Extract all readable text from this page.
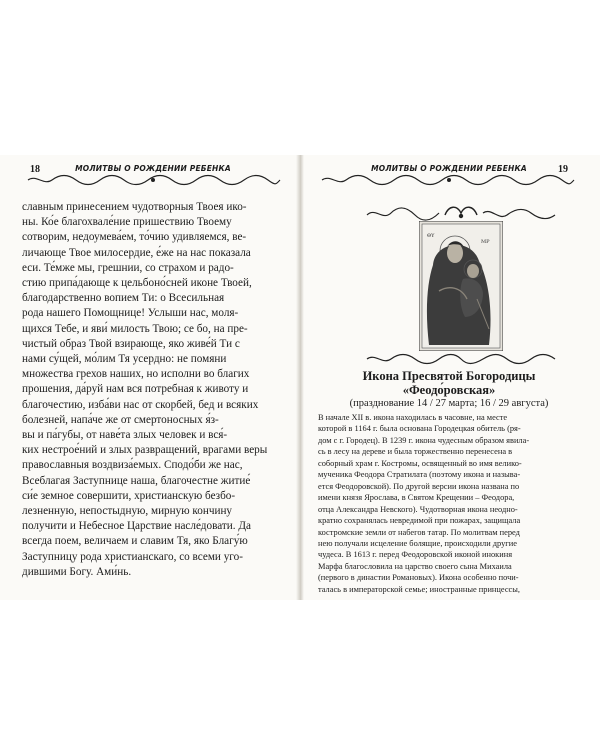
18	МОЛИТВЫ О РОЖДЕНИИ РЕБЕНКА
славным принесением чудотворныя Твоея ико-
ны. Ко́е благохвале́ние пришествию Твоему
сотворим, недоумева́ем, то́чию удивляемся, ве-
личающе Твое милосердие, е́же на нас показала
еси. Те́мже мы, грешнии, со страхом и радо-
стию припа́дающе к цельбоно́сней иконе Твоей,
благодарственно вопием Ти: о Всесильная
рода нашего Помощнице! Услыши нас, моля-
щихся Тебе, и яви́ милость Твою; се бо, на пре-
чистый образ Твой взирающе, яко живе́й Ти с
нами су́щей, мо́лим Тя усердно: не помяни
множества грехов наших, но исполни во благих
прошения, да́руй нам вся потребная к животу и
благочестию, изба́ви нас от скорбей, бед и всяких
болезней, напа́че же от смертоносных я́з-
вы и па́губы, от наве́та злых человек и вся́-
ких нестрое́ний и злых развращений, врагами веры
православныя воздвиза́емых. Сподо́би же нас,
Всеблагая Заступнице наша, благочестне житие́
си́е земное совершити, христианскую безбо-
лезненную, непостыдную, мирную кончину
получити и Небесное Царствие насле́довати. Да
всегда поем, величаем и славим Тя, яко Благу́ю
Заступницу рода христианскаго, со всеми уго-
дившими Богу. Ами́нь.
МОЛИТВЫ О РОЖДЕНИИ РЕБЕНКА	19
ΜΡ
ΘΥ
Икона Пресвятой Богородицы
«Феодо́ровская»
(празднование 14 / 27 марта; 16 / 29 августа)
В начале XII в. икона находилась в часовне, на месте
которой в 1164 г. была основана Городецкая обитель (ря-
дом с г. Городец). В 1239 г. икона чудесным образом явила-
сь в лесу на дереве и была торжественно перенесена в
соборный храм г. Костромы, освященный во имя велико-
мученика Феодора Стратилата (поэтому икона и называ-
ется Феодоровской). По другой версии икона названа по
имени князя Ярослава, в Святом Крещении – Феодора,
отца Александра Невского). Чудотворная икона неодно-
кратно сохранялась невредимой при пожарах, защищала
костромские земли от набегов татар. По молитвам перед
нею получали исцеление болящие, происходили другие
чудеса. В 1613 г. перед Феодоровской иконой инокиня
Марфа благословила на царство своего сына Михаила
(первого в династии Романовых). Икона особенно почи-
талась в императорской семье; иностранные принцессы,
